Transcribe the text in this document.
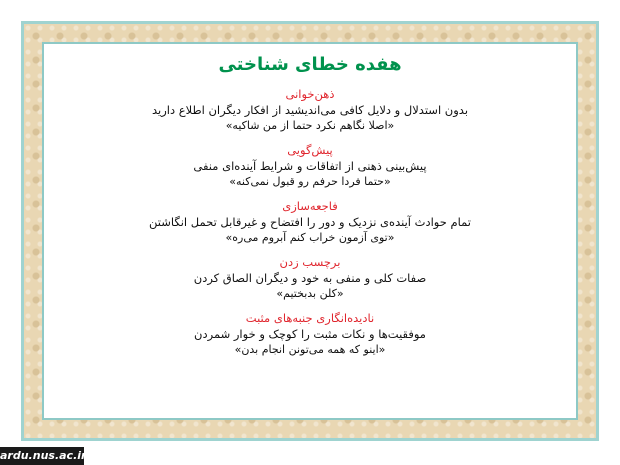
هفده خطای شناختی
ذهن‌خوانی
بدون استدلال و دلایل کافی می‌اندیشید از افکار دیگران اطلاع دارید
«اصلا نگاهم نکرد حتما از من شاکیه»
پیش‌گویی
پیش‌بینی ذهنی از اتفاقات و شرایط آینده‌ای منفی
«حتما فردا حرفم رو قبول نمی‌کنه»
فاجعه‌سازی
تمام حوادث آینده‌ی نزدیک و دور را افتضاح و غیرقابل تحمل انگاشتن
«توی آزمون خراب کنم آبروم می‌ره»
برچسب زدن
صفات کلی و منفی به خود و دیگران الصاق کردن
«کلن بدبختیم»
نادیده‌انگاری جنبه‌های مثبت
موفقیت‌ها و نکات مثبت را کوچک و خوار شمردن
«اینو که همه می‌تونن انجام بدن»
ardu.nus.ac.ir
